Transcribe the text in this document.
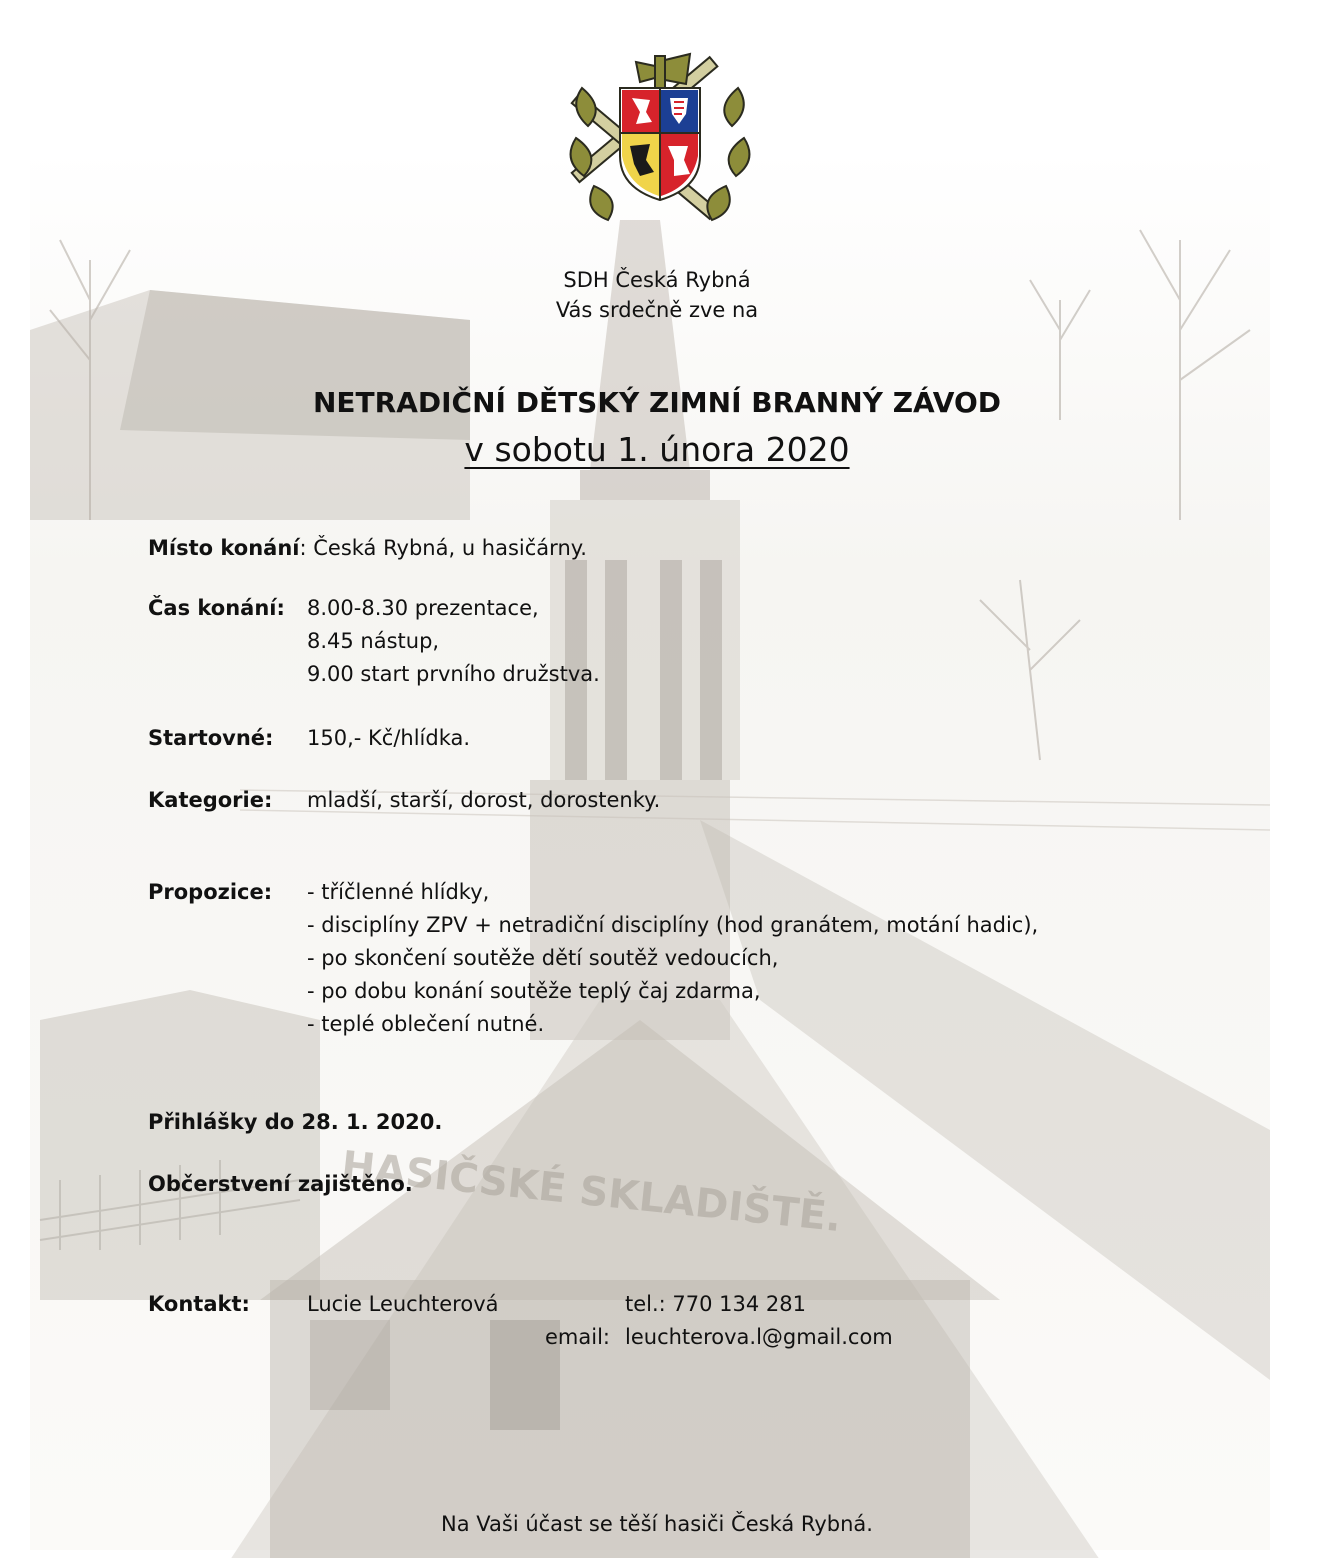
HASIČSKÉ SKLADIŠTĚ.
SDH Česká Rybná
Vás srdečně zve na
NETRADIČNÍ DĚTSKÝ ZIMNÍ BRANNÝ ZÁVOD
v sobotu 1. února 2020
Místo konání: Česká Rybná, u hasičárny.
Čas konání: 8.00-8.30 prezentace,
8.45 nástup,
9.00 start prvního družstva.
Startovné: 150,- Kč/hlídka.
Kategorie: mladší, starší, dorost, dorostenky.
Propozice: - tříčlenné hlídky,
- disciplíny ZPV + netradiční disciplíny (hod granátem, motání hadic),
- po skončení soutěže dětí soutěž vedoucích,
- po dobu konání soutěže teplý čaj zdarma,
- teplé oblečení nutné.
Přihlášky do 28. 1. 2020.
Občerstvení zajištěno.
Kontakt:	Lucie Leuchterová	tel.: 770 134 281
email: leuchterova.l@gmail.com
Na Vaši účast se těší hasiči Česká Rybná.
